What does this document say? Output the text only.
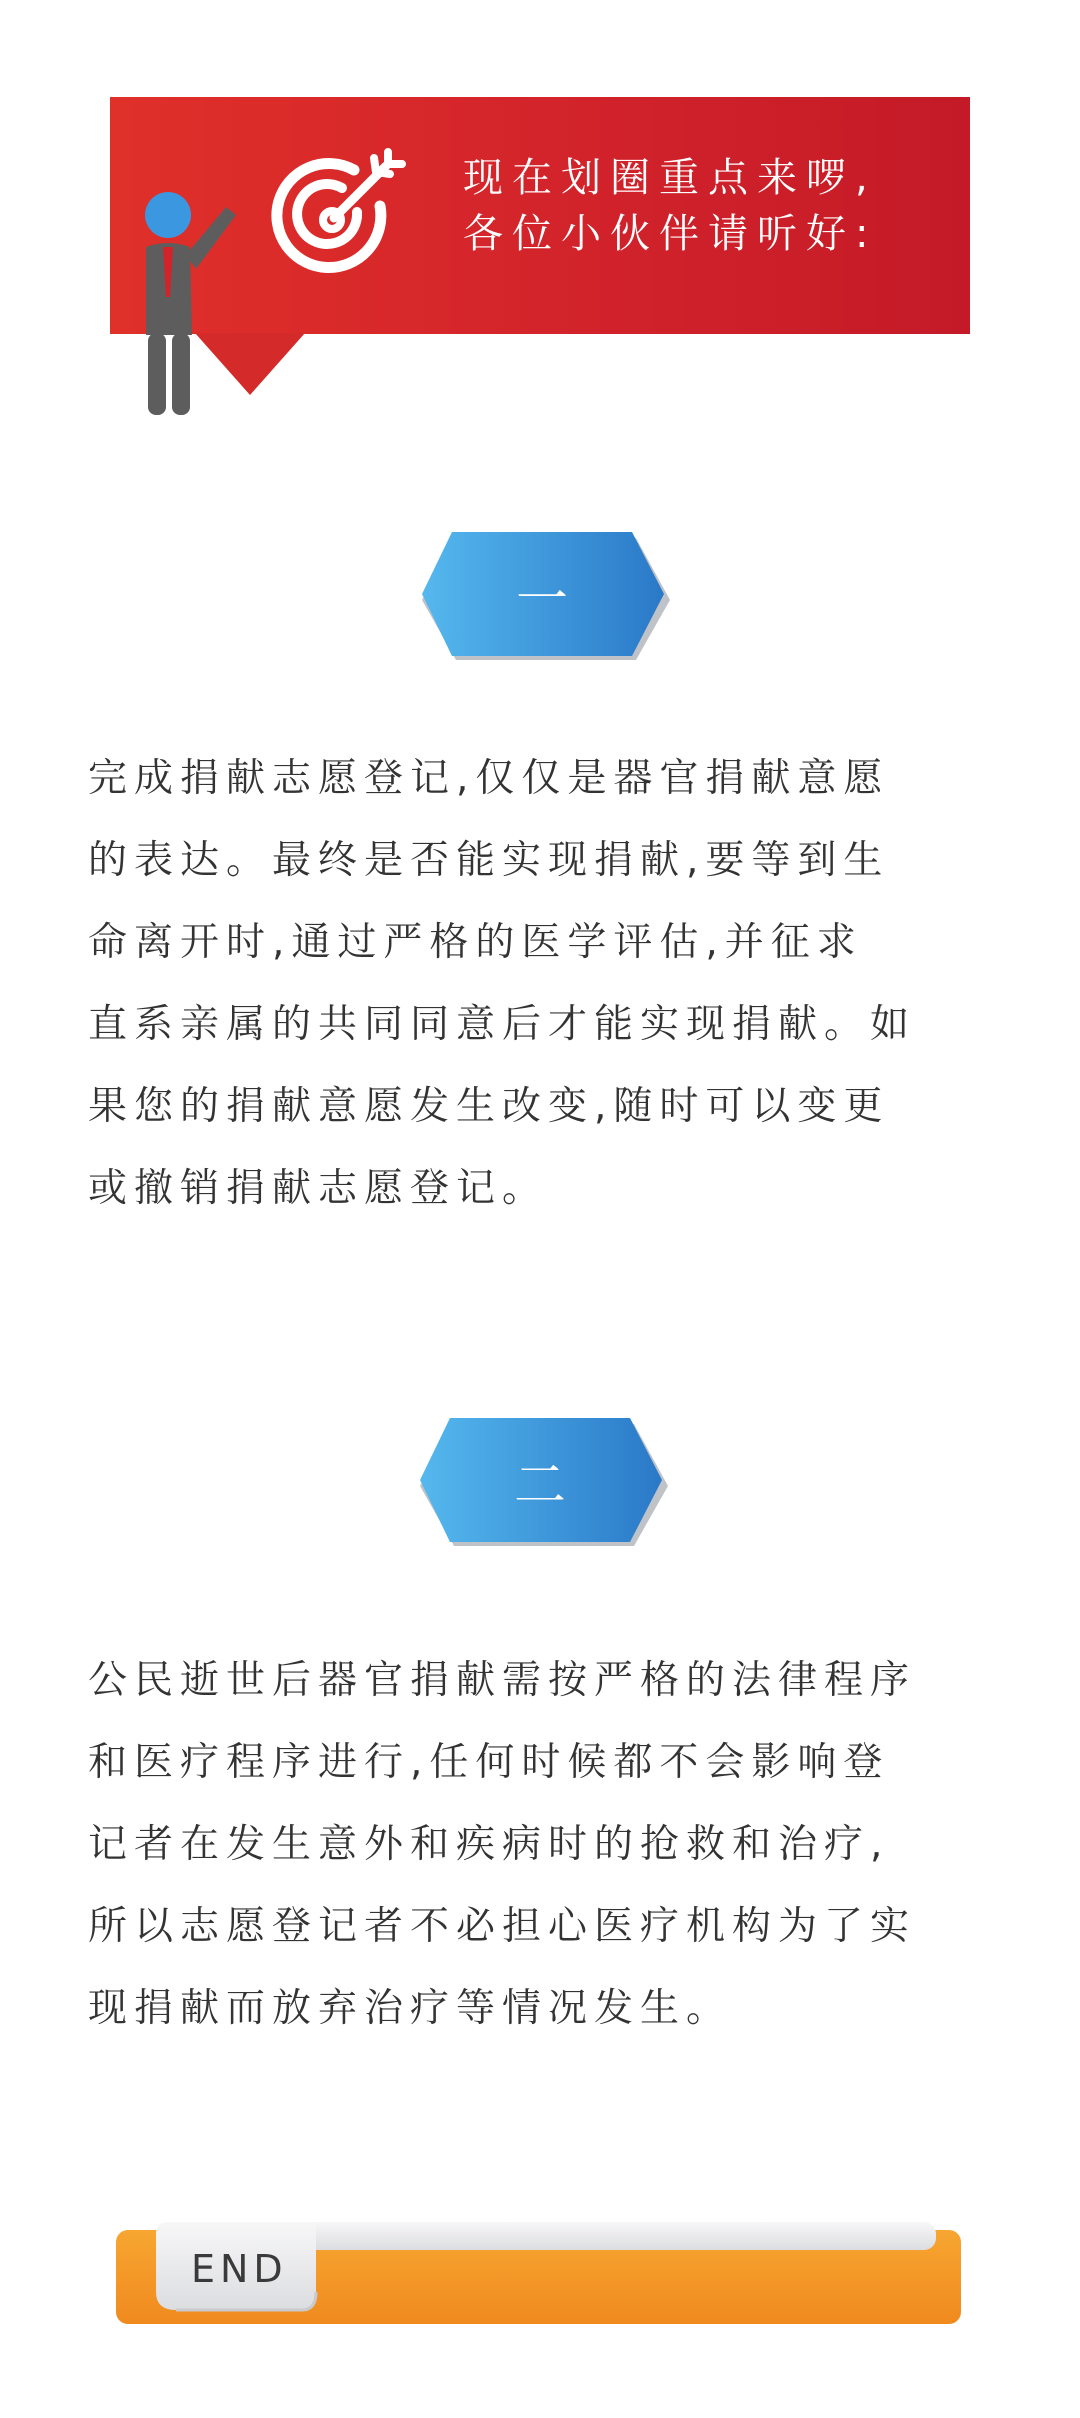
现在划圈重点来啰,
各位小伙伴请听好:
一
完成捐献志愿登记,仅仅是器官捐献意愿
的表达。最终是否能实现捐献,要等到生
命离开时,通过严格的医学评估,并征求
直系亲属的共同同意后才能实现捐献。如
果您的捐献意愿发生改变,随时可以变更
或撤销捐献志愿登记。
二
公民逝世后器官捐献需按严格的法律程序
和医疗程序进行,任何时候都不会影响登
记者在发生意外和疾病时的抢救和治疗,
所以志愿登记者不必担心医疗机构为了实
现捐献而放弃治疗等情况发生。
END
